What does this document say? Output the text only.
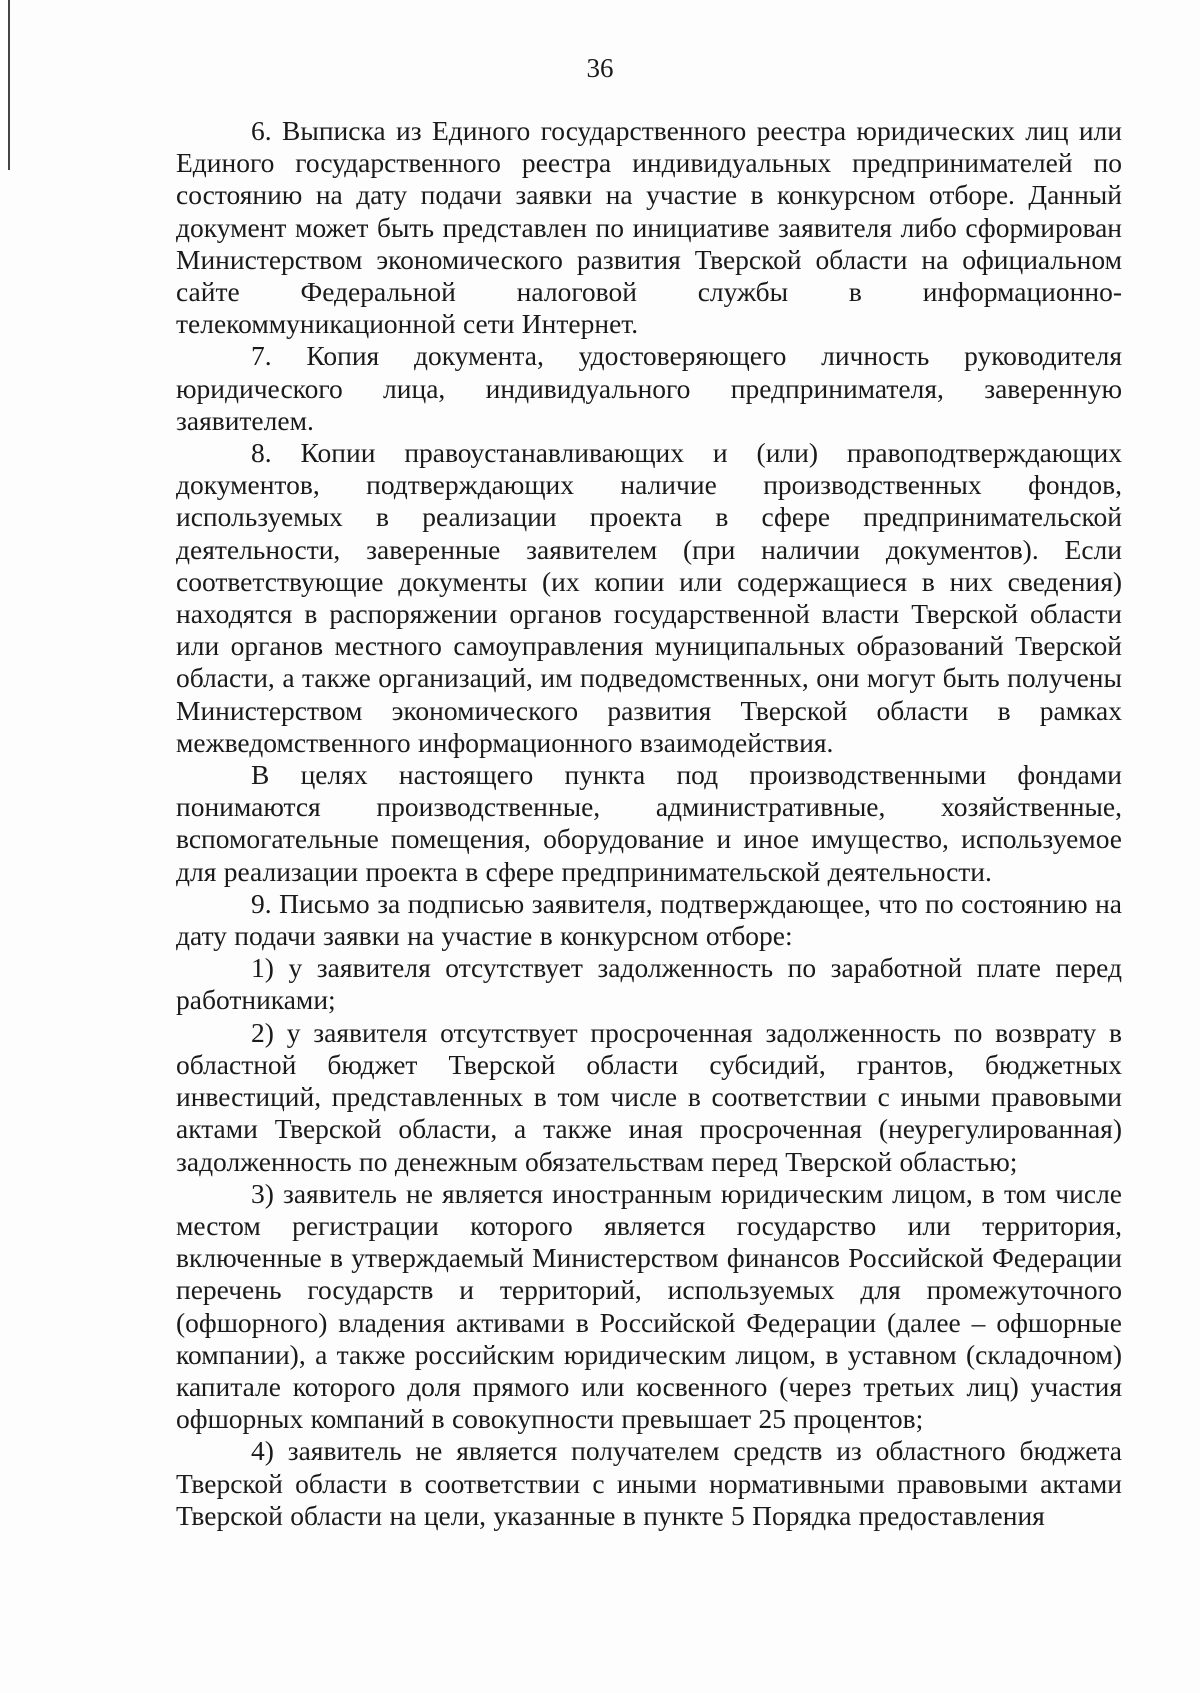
36

6. Выписка из Единого государственного реестра юридических лиц или Единого государственного реестра индивидуальных предпринимателей по состоянию на дату подачи заявки на участие в конкурсном отборе. Данный документ может быть представлен по инициативе заявителя либо сформирован Министерством экономического развития Тверской области на официальном сайте Федеральной налоговой службы в информационно-телекоммуникационной сети Интернет.

7. Копия документа, удостоверяющего личность руководителя юридического лица, индивидуального предпринимателя, заверенную заявителем.

8. Копии правоустанавливающих и (или) правоподтверждающих документов, подтверждающих наличие производственных фондов, используемых в реализации проекта в сфере предпринимательской деятельности, заверенные заявителем (при наличии документов). Если соответствующие документы (их копии или содержащиеся в них сведения) находятся в распоряжении органов государственной власти Тверской области или органов местного самоуправления муниципальных образований Тверской области, а также организаций, им подведомственных, они могут быть получены Министерством экономического развития Тверской области в рамках межведомственного информационного взаимодействия.

В целях настоящего пункта под производственными фондами понимаются производственные, административные, хозяйственные, вспомогательные помещения, оборудование и иное имущество, используемое для реализации проекта в сфере предпринимательской деятельности.

9. Письмо за подписью заявителя, подтверждающее, что по состоянию на дату подачи заявки на участие в конкурсном отборе:

1) у заявителя отсутствует задолженность по заработной плате перед работниками;

2) у заявителя отсутствует просроченная задолженность по возврату в областной бюджет Тверской области субсидий, грантов, бюджетных инвестиций, представленных в том числе в соответствии с иными правовыми актами Тверской области, а также иная просроченная (неурегулированная) задолженность по денежным обязательствам перед Тверской областью;

3) заявитель не является иностранным юридическим лицом, в том числе местом регистрации которого является государство или территория, включенные в утверждаемый Министерством финансов Российской Федерации перечень государств и территорий, используемых для промежуточного (офшорного) владения активами в Российской Федерации (далее – офшорные компании), а также российским юридическим лицом, в уставном (складочном) капитале которого доля прямого или косвенного (через третьих лиц) участия офшорных компаний в совокупности превышает 25 процентов;

4) заявитель не является получателем средств из областного бюджета Тверской области в соответствии с иными нормативными правовыми актами Тверской области на цели, указанные в пункте 5 Порядка предоставления
